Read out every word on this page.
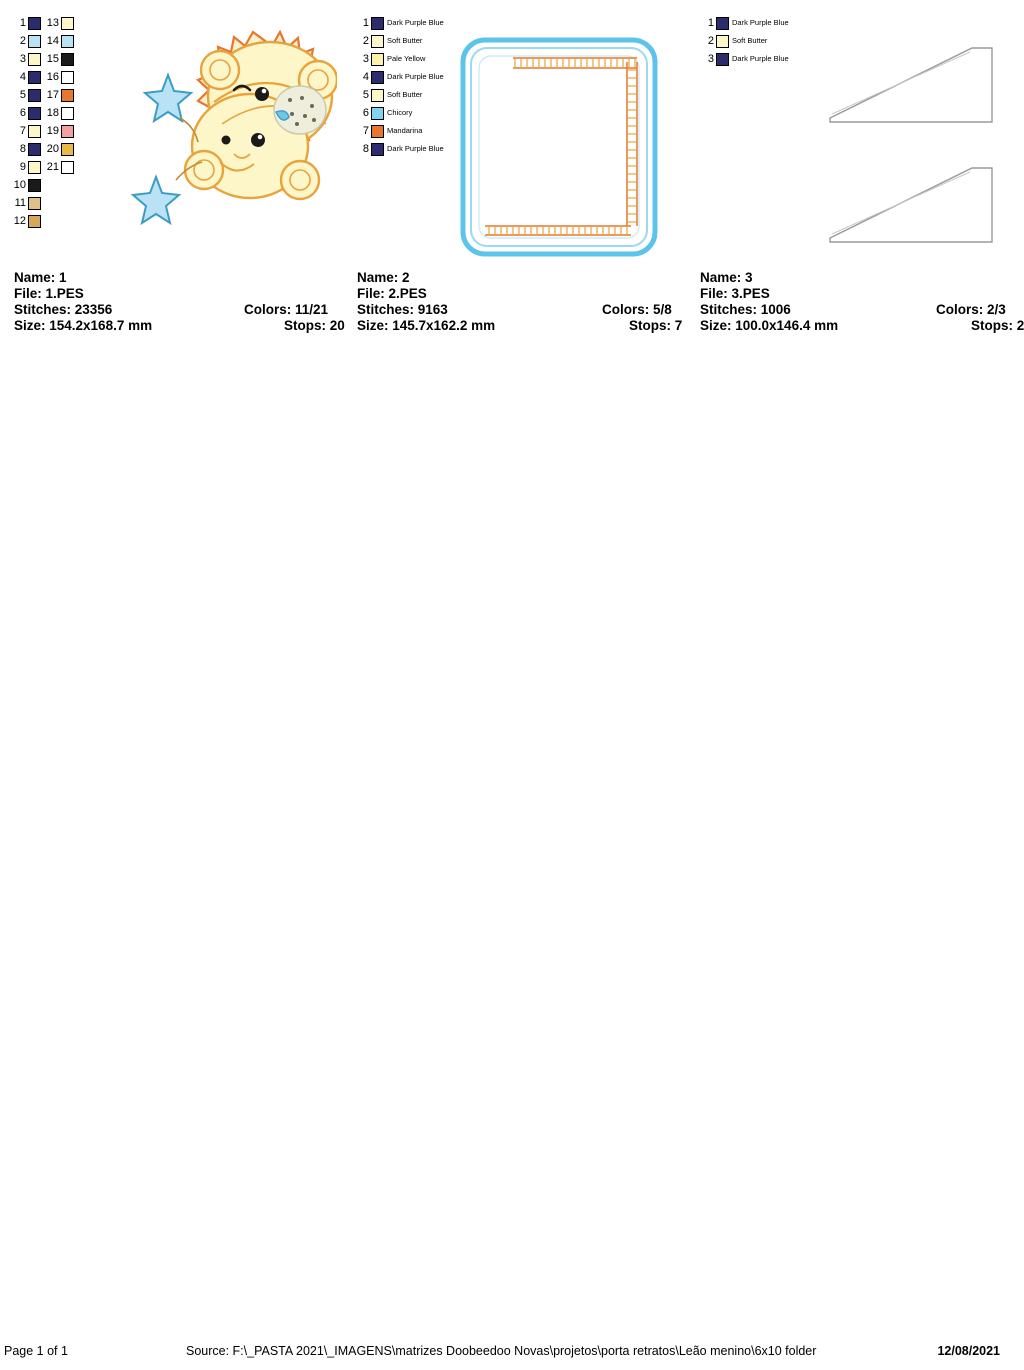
1
2
3
4
5
6
7
8
9
10
11
12
13
14
15
16
17
18
19
20
21
Name: 1
File: 1.PES
Stitches: 23356	Colors: 11/21
Size: 154.2x168.7 mm	Stops: 20
1	Dark Purple Blue
2	Soft Butter
3	Pale Yellow
4	Dark Purple Blue
5	Soft Butter
6	Chicory
7	Mandarina
8	Dark Purple Blue
Name: 2
File: 2.PES
Stitches: 9163	Colors: 5/8
Size: 145.7x162.2 mm	Stops: 7
1	Dark Purple Blue
2	Soft Butter
3	Dark Purple Blue
Name: 3
File: 3.PES
Stitches: 1006	Colors: 2/3
Size: 100.0x146.4 mm	Stops: 2
Page 1 of 1	Source: F:\_PASTA 2021\_IMAGENS\matrizes Doobeedoo Novas\projetos\porta retratos\Leão menino\6x10 folder	12/08/2021
